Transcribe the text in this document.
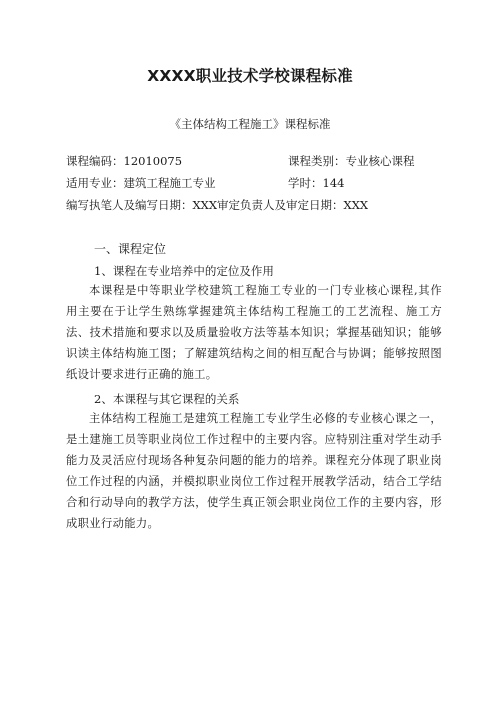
XXXX职业技术学校课程标准
《主体结构工程施工》课程标准
课程编码：12010075	课程类别：专业核心课程
适用专业：建筑工程施工专业	学时：144
编写执笔人及编写日期：XXX审定负责人及审定日期：XXX
一、课程定位
1、课程在专业培养中的定位及作用
本课程是中等职业学校建筑工程施工专业的一门专业核心课程,其作用主要在于让学生熟练掌握建筑主体结构工程施工的工艺流程、施工方法、技术措施和要求以及质量验收方法等基本知识；掌握基础知识；能够识读主体结构施工图；了解建筑结构之间的相互配合与协调；能够按照图纸设计要求进行正确的施工。
2、本课程与其它课程的关系
主体结构工程施工是建筑工程施工专业学生必修的专业核心课之一，是土建施工员等职业岗位工作过程中的主要内容。应特别注重对学生动手能力及灵活应付现场各种复杂问题的能力的培养。课程充分体现了职业岗位工作过程的内涵，并模拟职业岗位工作过程开展教学活动，结合工学结合和行动导向的教学方法，使学生真正领会职业岗位工作的主要内容，形成职业行动能力。
